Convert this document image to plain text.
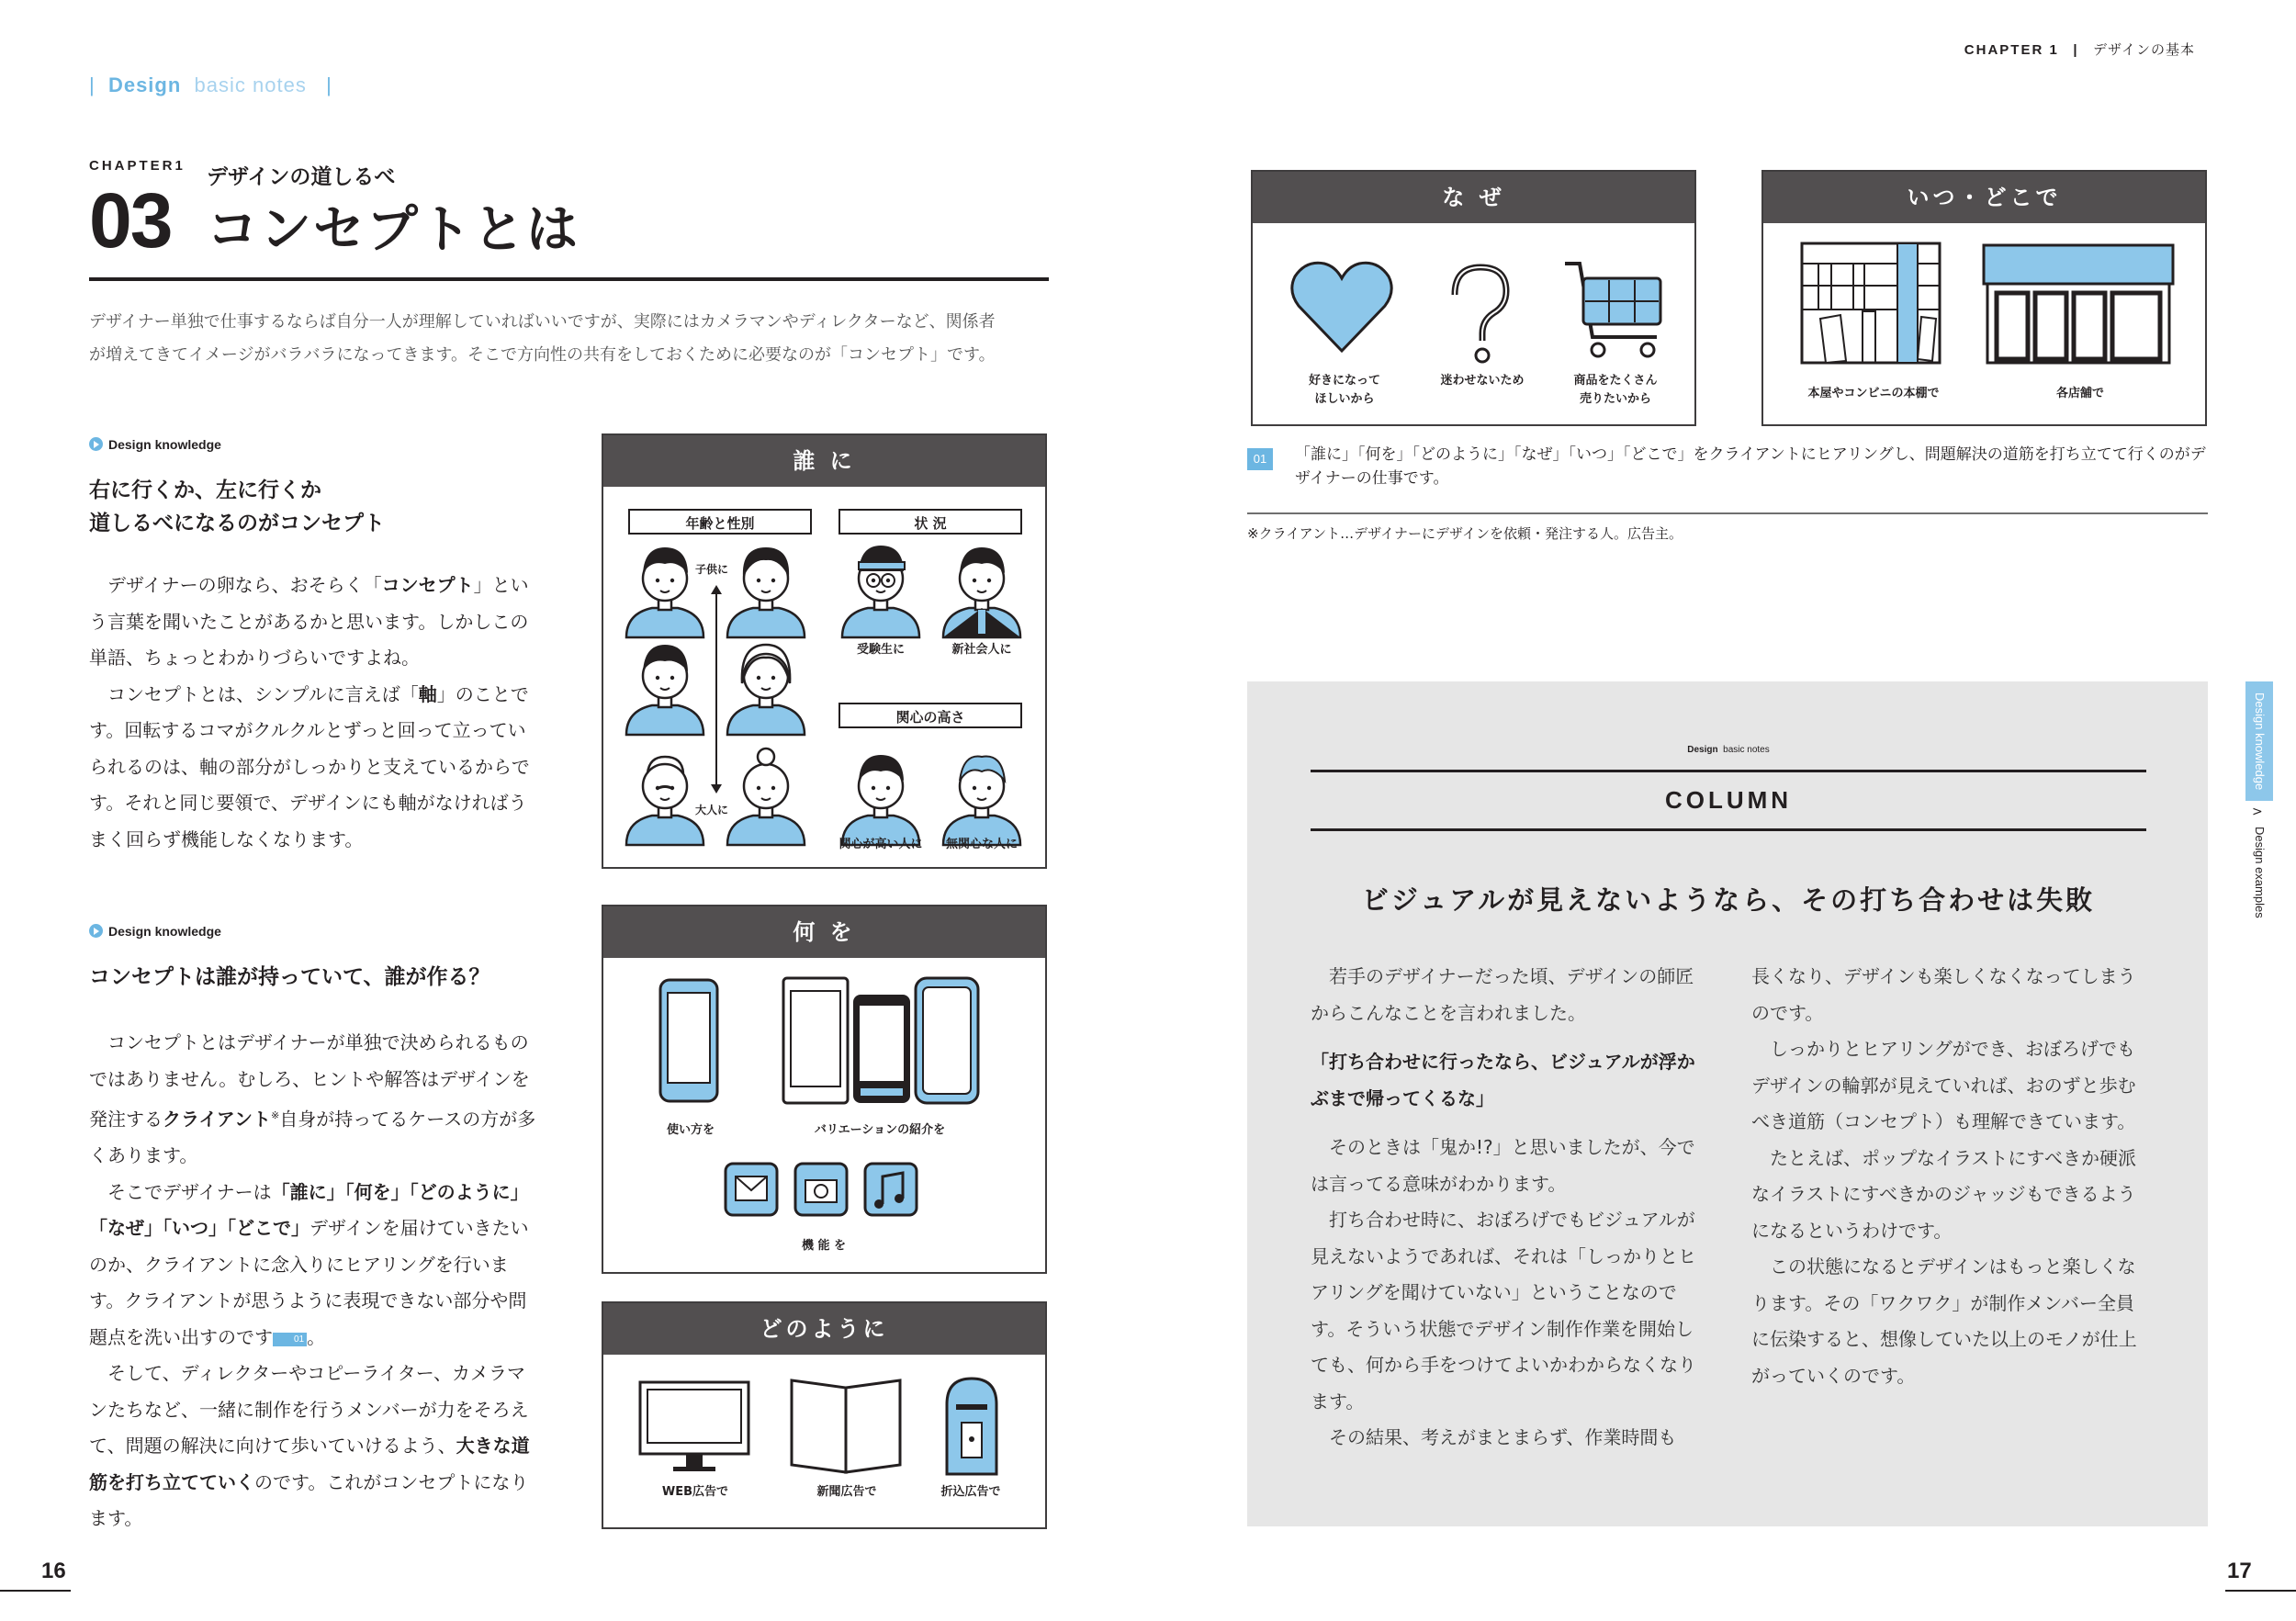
|  Design basic notes   |
CHAPTER1
03 デザインの道しるべ
コンセプトとは
デザイナー単独で仕事するならば自分一人が理解していればいいですが、実際にはカメラマンやディレクターなど、関係者
が増えてきてイメージがバラバラになってきます。そこで方向性の共有をしておくために必要なのが「コンセプト」です。
Design knowledge
右に行くか、左に行くか
道しるべになるのがコンセプト

デザイナーの卵なら、おそらく「コンセプト」という言葉を聞いたことがあるかと思います。しかしこの単語、ちょっとわかりづらいですよね。

コンセプトとは、シンプルに言えば「軸」のことです。回転するコマがクルクルとずっと回って立っていられるのは、軸の部分がしっかりと支えているからです。それと同じ要領で、デザインにも軸がなければうまく回らず機能しなくなります。

Design knowledge
コンセプトは誰が持っていて、誰が作る？

コンセプトとはデザイナーが単独で決められるものではありません。むしろ、ヒントや解答はデザインを発注するクライアント※自身が持ってるケースの方が多くあります。

そこでデザイナーは「誰に」「何を」「どのように」「なぜ」「いつ」「どこで」デザインを届けていきたいのか、クライアントに念入りにヒアリングを行います。クライアントが思うように表現できない部分や問題点を洗い出すのです 01 。

そして、ディレクターやコピーライター、カメラマンたちなど、一緒に制作を行うメンバーが力をそろえて、問題の解決に向けて歩いていけるよう、大きな道筋を打ち立てていくのです。これがコンセプトになります。

誰 に
年齢と性別	状 況
関心の高さ
子供に
大人に
受験生に	新社会人に
関心が高い人に	無関心な人に
何 を
使い方を	バリエーションの紹介を
機 能 を
どのように
WEB広告で	新聞広告で	折込広告で
16
CHAPTER 1 | デザインの基本
な ぜ
好きになって
ほしいから
迷わせないため	商品をたくさん
売りたいから
いつ・どこで
本屋やコンビニの本棚で	各店舗で
01	「誰に」「何を」「どのように」「なぜ」「いつ」「どこで」をクライアントにヒアリングし、問題解決の道筋を打ち立てて行くのがデザイナーの仕事です。
※クライアント…デザイナーにデザインを依頼・発注する人。広告主。
Design basic notes
COLUMN
ビジュアルが見えないようなら、その打ち合わせは失敗

若手のデザイナーだった頃、デザインの師匠からこんなことを言われました。

「打ち合わせに行ったなら、ビジュアルが浮かぶまで帰ってくるな」

そのときは「鬼か!?」と思いましたが、今では言ってる意味がわかります。

打ち合わせ時に、おぼろげでもビジュアルが見えないようであれば、それは「しっかりとヒアリングを聞けていない」ということなのです。そういう状態でデザイン制作作業を開始しても、何から手をつけてよいかわからなくなります。

その結果、考えがまとまらず、作業時間も

長くなり、デザインも楽しくなくなってしまうのです。

しっかりとヒアリングができ、おぼろげでもデザインの輪郭が見えていれば、おのずと歩むべき道筋（コンセプト）も理解できています。

たとえば、ポップなイラストにすべきか硬派なイラストにすべきかのジャッジもできるようになるというわけです。

この状態になるとデザインはもっと楽しくなります。その「ワクワク」が制作メンバー全員に伝染すると、想像していた以上のモノが仕上がっていくのです。

Design knowledge
>
Design examples
17
